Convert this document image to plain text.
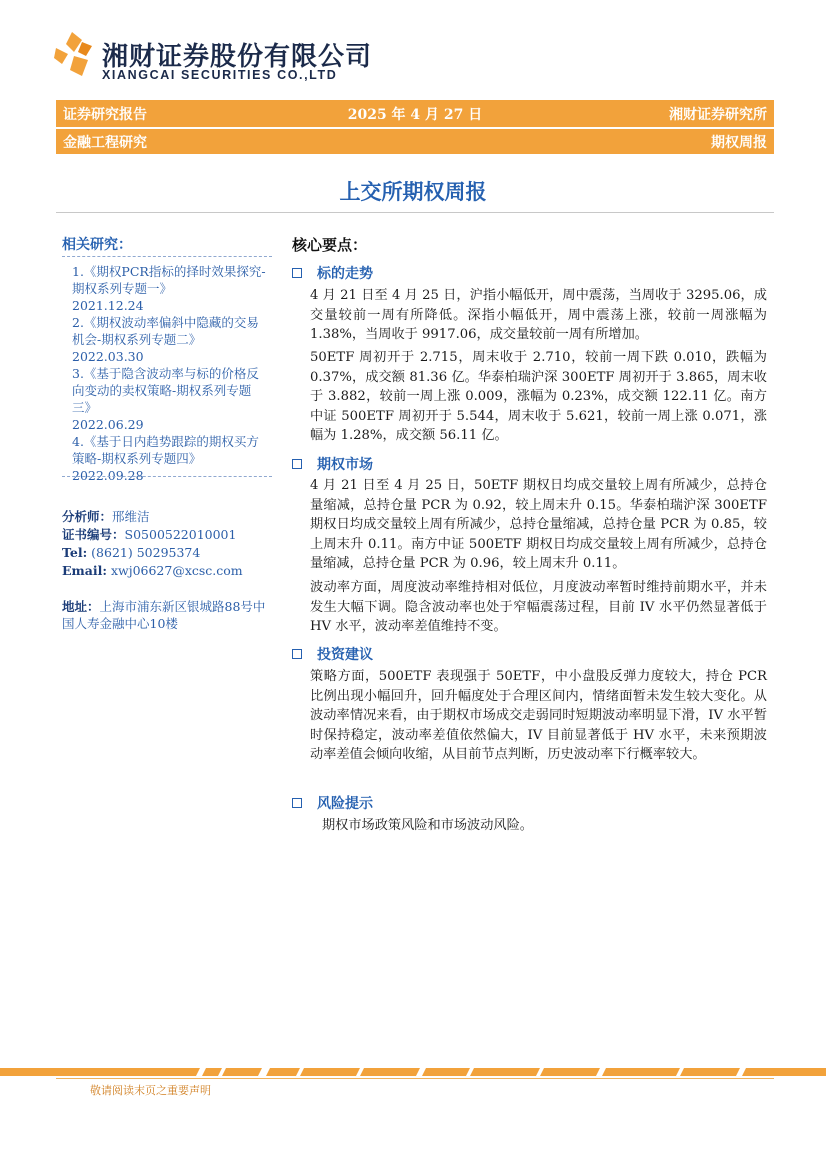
湘财证券股份有限公司
XIANGCAI SECURITIES CO.,LTD
证券研究报告	2025 年 4 月 27 日	湘财证券研究所
金融工程研究	期权周报
上交所期权周报
相关研究：

1.《期权PCR指标的择时效果探究-期权系列专题一》
2021.12.24

2.《期权波动率偏斜中隐藏的交易机会-期权系列专题二》
2022.03.30

3.《基于隐含波动率与标的价格反向变动的卖权策略-期权系列专题三》
2022.06.29

4.《基于日内趋势跟踪的期权买方策略-期权系列专题四》
2022.09.28

分析师：邢维洁
证书编号：S0500522010001
Tel: (8621) 50295374
Email: xwj06627@xcsc.com
地址：上海市浦东新区银城路88号中国人寿金融中心10楼
核心要点：
标的走势

4 月 21 日至 4 月 25 日，沪指小幅低开，周中震荡，当周收于 3295.06，成交量较前一周有所降低。深指小幅低开，周中震荡上涨，较前一周涨幅为 1.38%，当周收于 9917.06，成交量较前一周有所增加。

50ETF 周初开于 2.715，周末收于 2.710，较前一周下跌 0.010，跌幅为 0.37%，成交额 81.36 亿。华泰柏瑞沪深 300ETF 周初开于 3.865，周末收于 3.882，较前一周上涨 0.009，涨幅为 0.23%，成交额 122.11 亿。南方中证 500ETF 周初开于 5.544，周末收于 5.621，较前一周上涨 0.071，涨幅为 1.28%，成交额 56.11 亿。

期权市场

4 月 21 日至 4 月 25 日，50ETF 期权日均成交量较上周有所减少，总持仓量缩减，总持仓量 PCR 为 0.92，较上周末升 0.15。华泰柏瑞沪深 300ETF 期权日均成交量较上周有所减少，总持仓量缩减，总持仓量 PCR 为 0.85，较上周末升 0.11。南方中证 500ETF 期权日均成交量较上周有所减少，总持仓量缩减，总持仓量 PCR 为 0.96，较上周末升 0.11。

波动率方面，周度波动率维持相对低位，月度波动率暂时维持前期水平，并未发生大幅下调。隐含波动率也处于窄幅震荡过程，目前 IV 水平仍然显著低于 HV 水平，波动率差值维持不变。

投资建议

策略方面，500ETF 表现强于 50ETF，中小盘股反弹力度较大，持仓 PCR 比例出现小幅回升，回升幅度处于合理区间内，情绪面暂未发生较大变化。从波动率情况来看，由于期权市场成交走弱同时短期波动率明显下滑，IV 水平暂时保持稳定，波动率差值依然偏大，IV 目前显著低于 HV 水平，未来预期波动率差值会倾向收缩，从目前节点判断，历史波动率下行概率较大。

风险提示

期权市场政策风险和市场波动风险。

敬请阅读末页之重要声明
